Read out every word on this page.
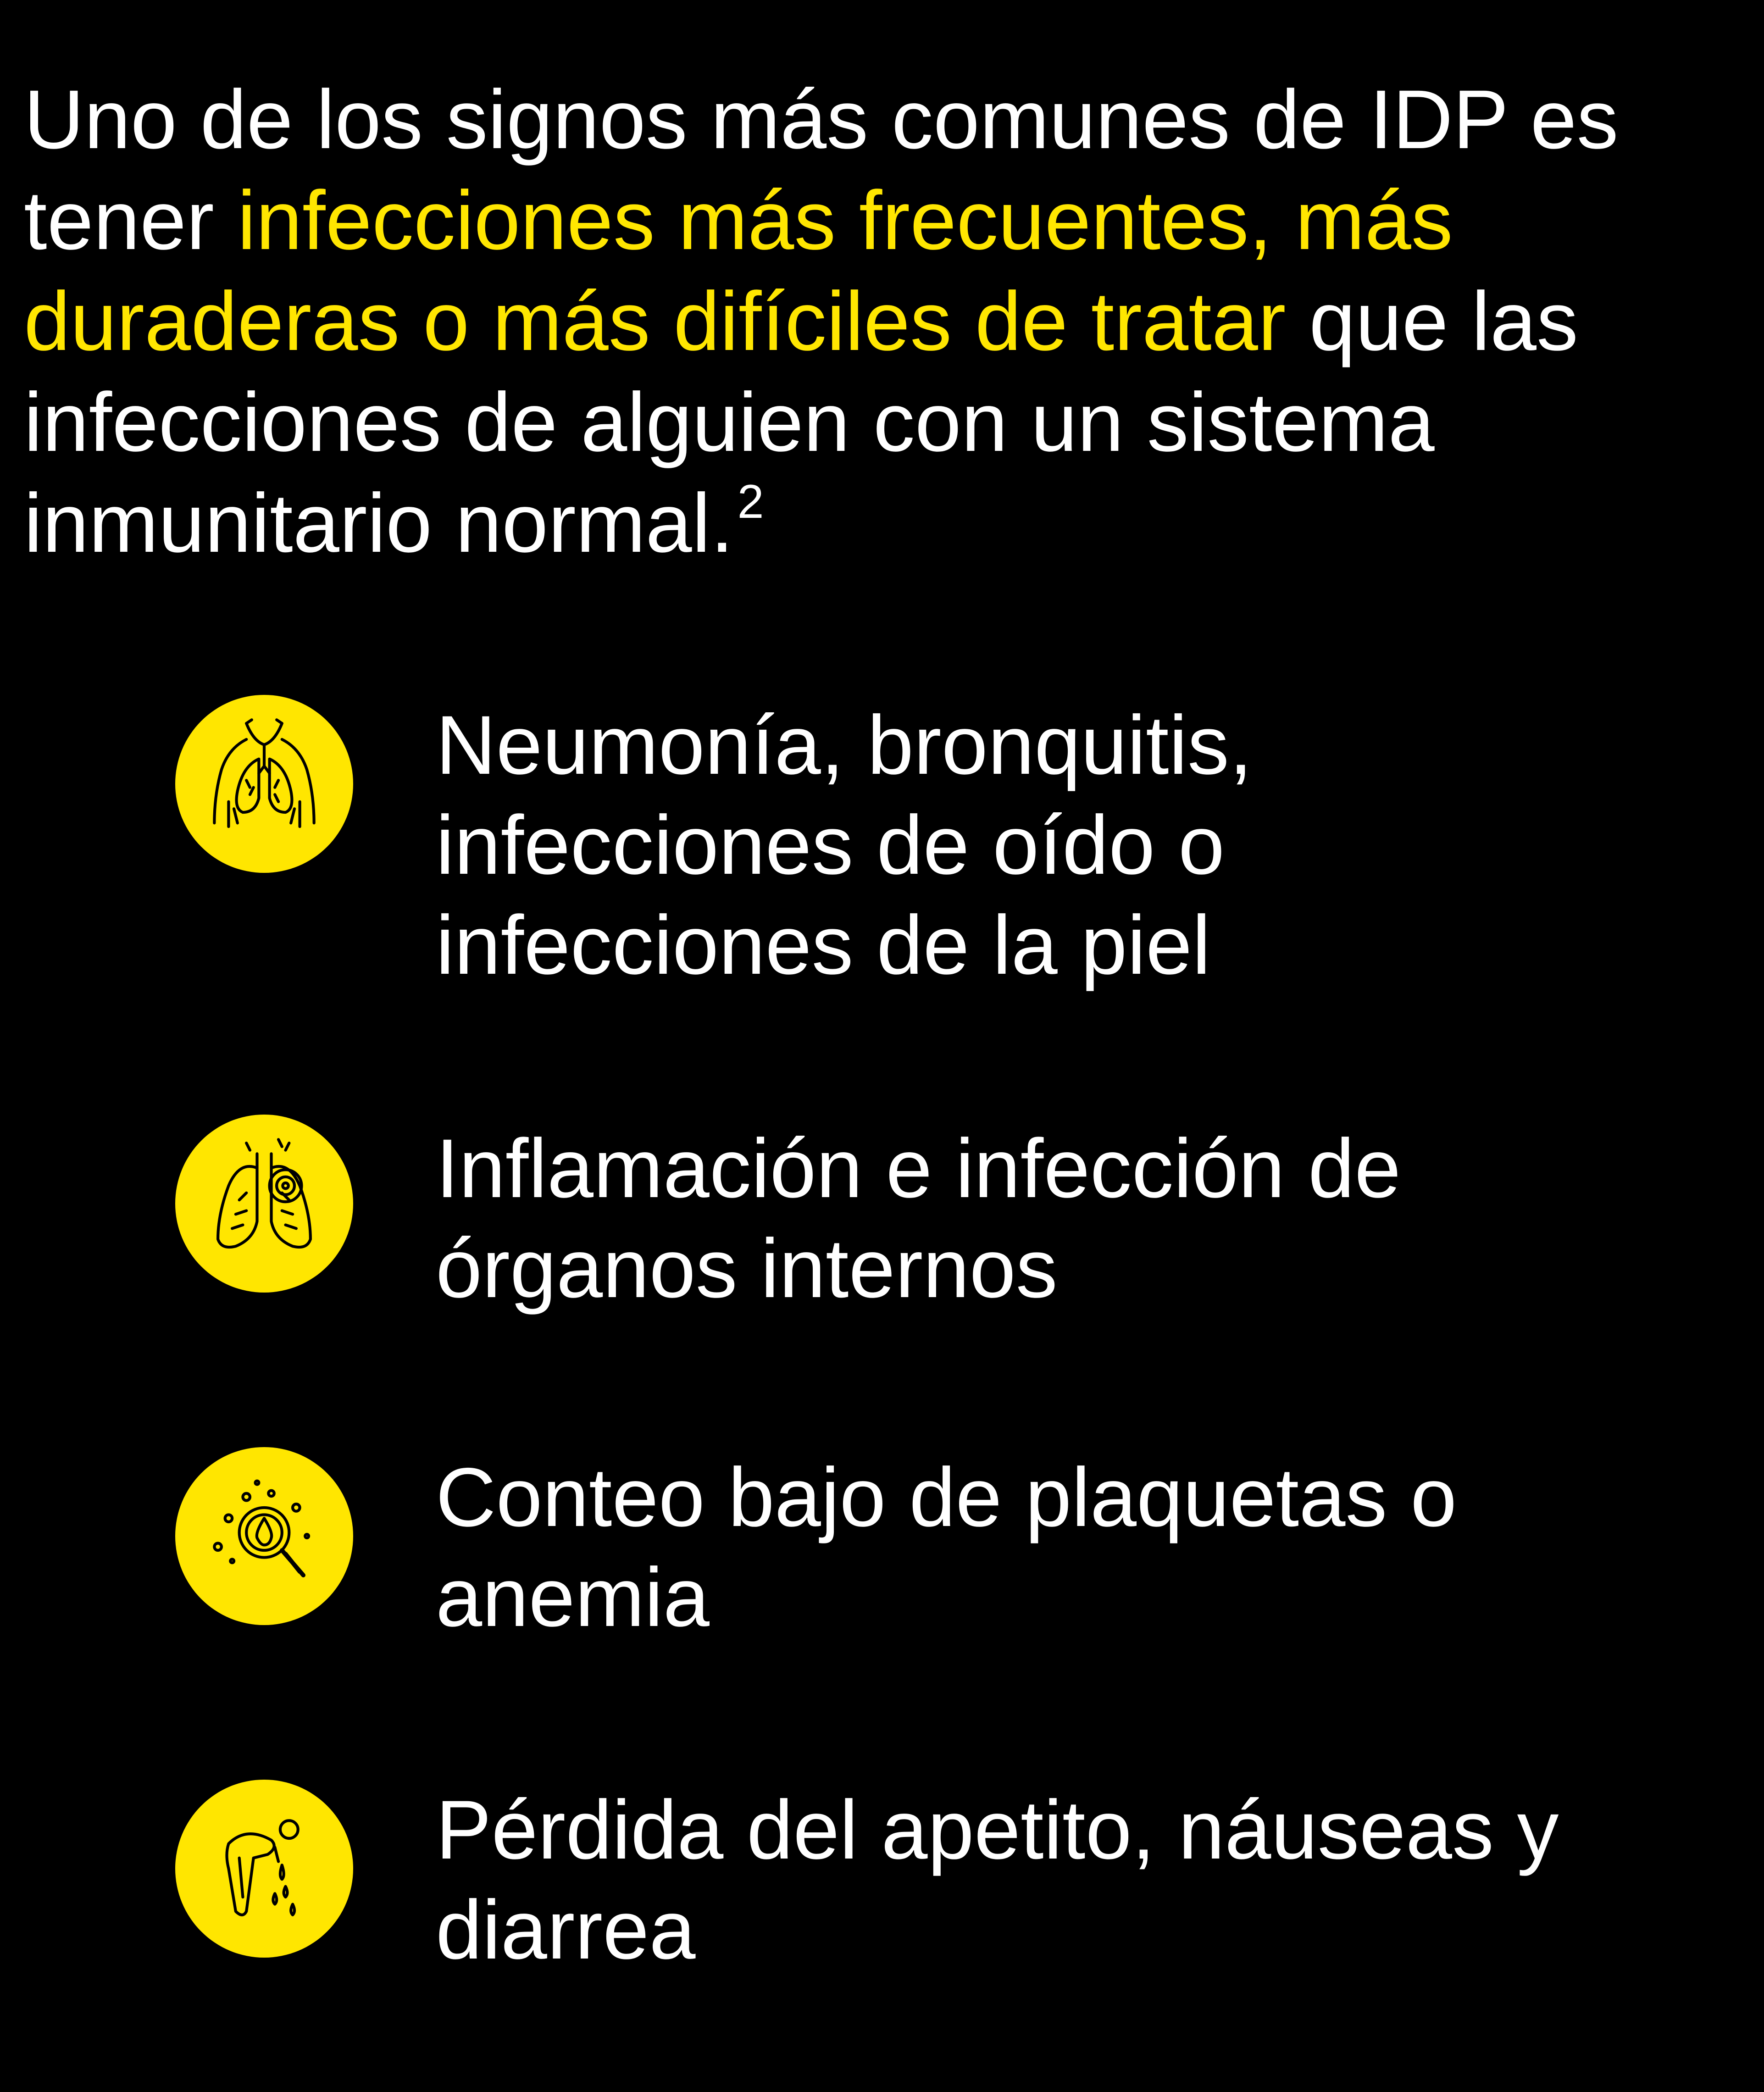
Uno de los signos más comunes de IDP es tener infecciones más frecuentes, más duraderas o más difíciles de tratar que las infecciones de alguien con un sistema inmunitario normal.$^2$

Neumonía, bronquitis,
infecciones de oído o
infecciones de la piel

Inflamación e infección de
órganos internos

Conteo bajo de plaquetas o
anemia

Pérdida del apetito, náuseas y
diarrea
